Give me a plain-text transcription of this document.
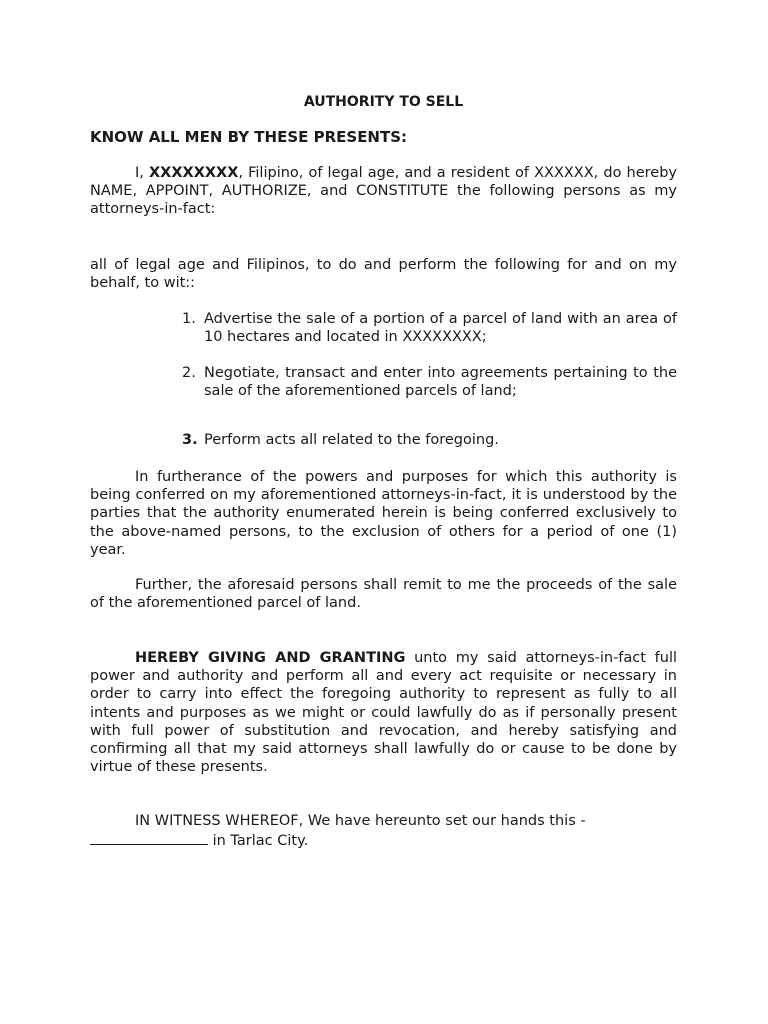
AUTHORITY TO SELL
KNOW ALL MEN BY THESE PRESENTS:
I, XXXXXXXX, Filipino, of legal age, and a resident of XXXXXX, do hereby NAME, APPOINT, AUTHORIZE, and CONSTITUTE the following persons as my attorneys-in-fact:
all of legal age and Filipinos, to do and perform the following for and on my behalf, to wit::
1. Advertise the sale of a portion of a parcel of land with an area of 10 hectares and located in XXXXXXXX;
2. Negotiate, transact and enter into agreements pertaining to the sale of the aforementioned parcels of land;
3. Perform acts all related to the foregoing.
In furtherance of the powers and purposes for which this authority is being conferred on my aforementioned attorneys-in-fact, it is understood by the parties that the authority enumerated herein is being conferred exclusively to the above-named persons, to the exclusion of others for a period of one (1) year.
Further, the aforesaid persons shall remit to me the proceeds of the sale of the aforementioned parcel of land.
HEREBY GIVING AND GRANTING unto my said attorneys-in-fact full power and authority and perform all and every act requisite or necessary in order to carry into effect the foregoing authority to represent as fully to all intents and purposes as we might or could lawfully do as if personally present with full power of substitution and revocation, and hereby satisfying and confirming all that my said attorneys shall lawfully do or cause to be done by virtue of these presents.
IN WITNESS WHEREOF, We have hereunto set our hands this -
in Tarlac City.
